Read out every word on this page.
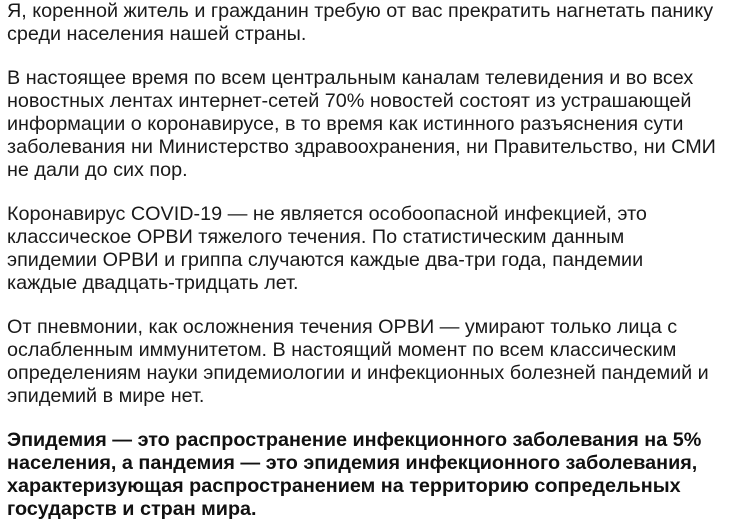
Я, коренной житель и гражданин требую от вас прекратить нагнетать панику
среди населения нашей страны.

В настоящее время по всем центральным каналам телевидения и во всех
новостных лентах интернет-сетей 70% новостей состоят из устрашающей
информации о коронавирусе, в то время как истинного разъяснения сути
заболевания ни Министерство здравоохранения, ни Правительство, ни СМИ
не дали до сих пор.

Коронавирус COVID-19 — не является особоопасной инфекцией, это
классическое ОРВИ тяжелого течения. По статистическим данным
эпидемии ОРВИ и гриппа случаются каждые два-три года, пандемии
каждые двадцать-тридцать лет.

От пневмонии, как осложнения течения ОРВИ — умирают только лица с
ослабленным иммунитетом. В настоящий момент по всем классическим
определениям науки эпидемиологии и инфекционных болезней пандемий и
эпидемий в мире нет.

Эпидемия — это распространение инфекционного заболевания на 5%
населения, а пандемия — это эпидемия инфекционного заболевания,
характеризующая распространением на территорию сопредельных
государств и стран мира.
